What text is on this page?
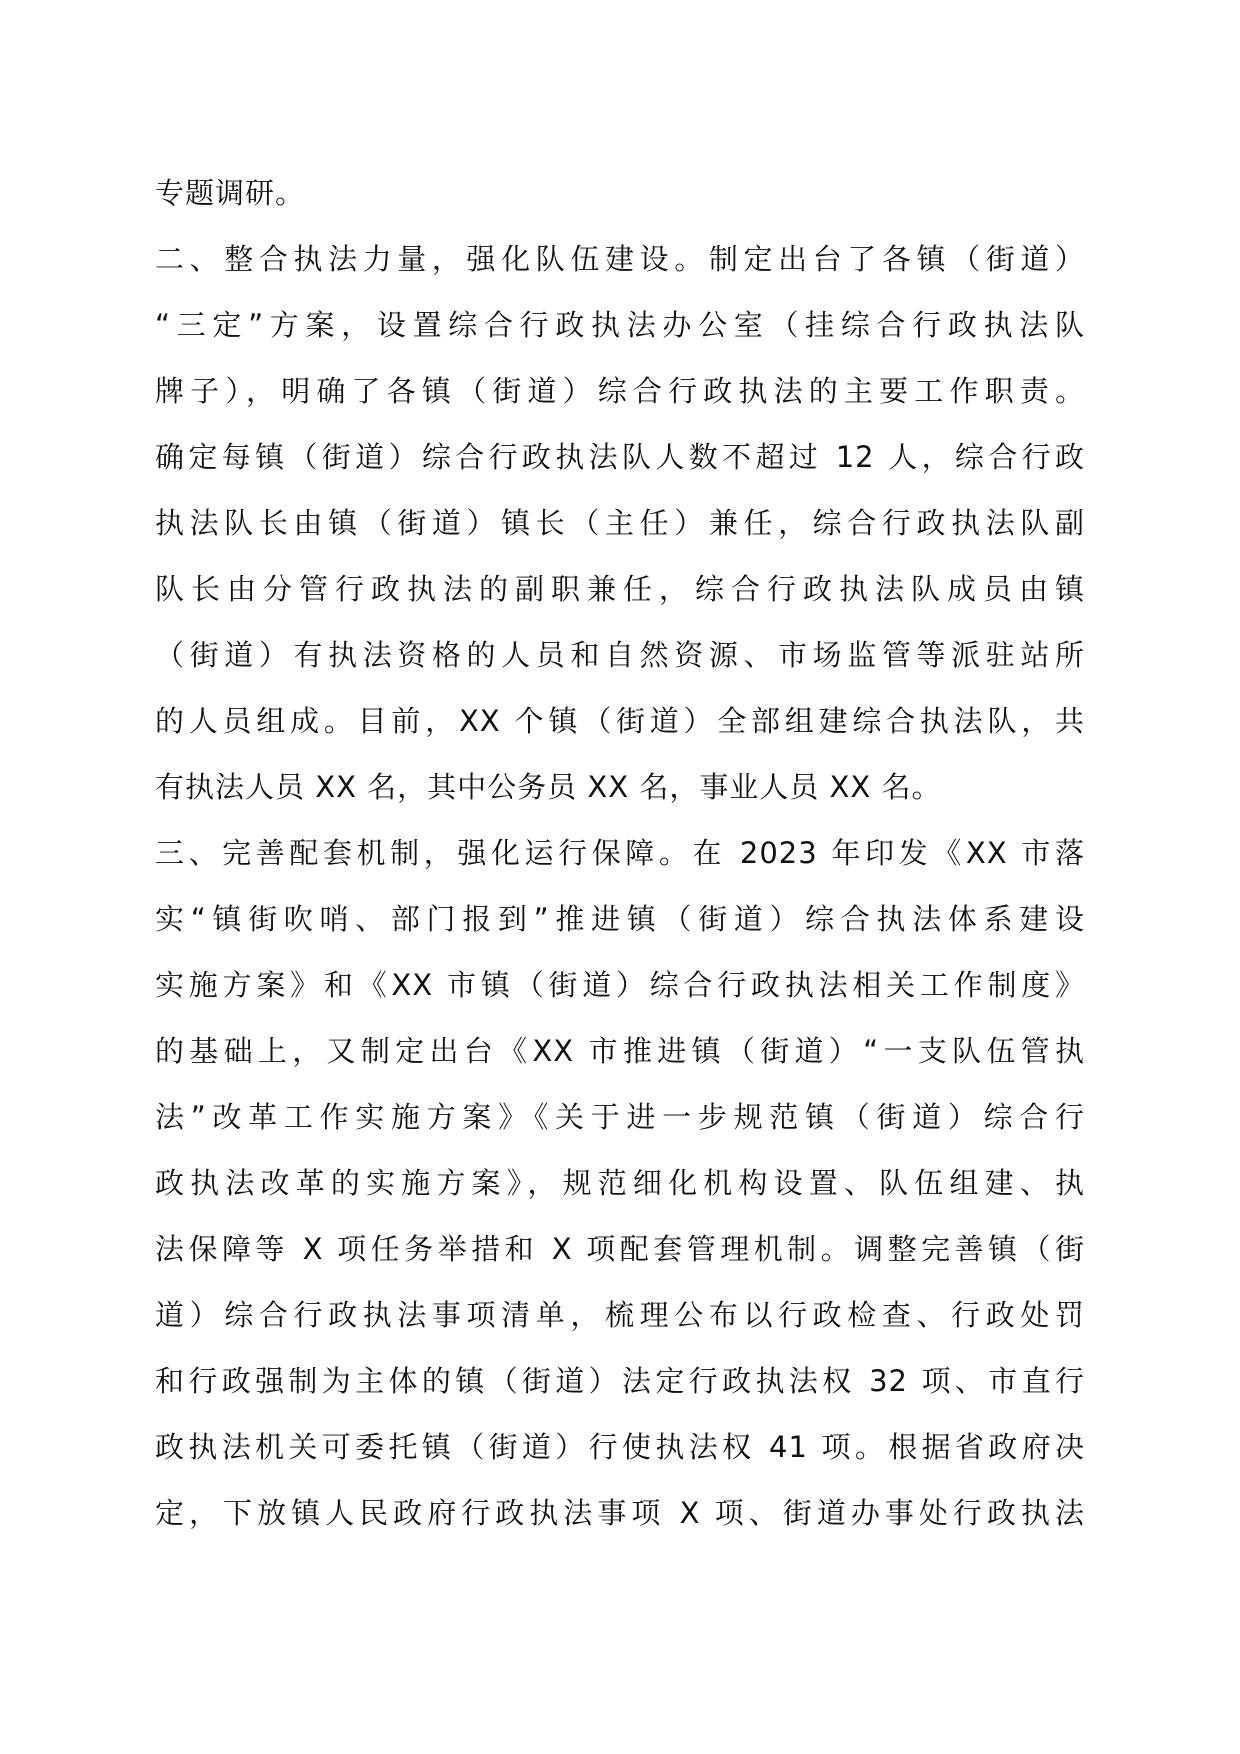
专题调研。
二、整合执法力量，强化队伍建设。制定出台了各镇（街道）
“三定”方案，设置综合行政执法办公室（挂综合行政执法队
牌子），明确了各镇（街道）综合行政执法的主要工作职责。
确定每镇（街道）综合行政执法队人数不超过 12 人，综合行政
执法队长由镇（街道）镇长（主任）兼任，综合行政执法队副
队长由分管行政执法的副职兼任，综合行政执法队成员由镇
（街道）有执法资格的人员和自然资源、市场监管等派驻站所
的人员组成。目前，XX 个镇（街道）全部组建综合执法队，共
有执法人员 XX 名，其中公务员 XX 名，事业人员 XX 名。
三、完善配套机制，强化运行保障。在 2023 年印发《XX 市落
实“镇街吹哨、部门报到”推进镇（街道）综合执法体系建设
实施方案》和《XX 市镇（街道）综合行政执法相关工作制度》
的基础上，又制定出台《XX 市推进镇（街道）“一支队伍管执
法”改革工作实施方案》《关于进一步规范镇（街道）综合行
政执法改革的实施方案》，规范细化机构设置、队伍组建、执
法保障等 X 项任务举措和 X 项配套管理机制。调整完善镇（街
道）综合行政执法事项清单，梳理公布以行政检查、行政处罚
和行政强制为主体的镇（街道）法定行政执法权 32 项、市直行
政执法机关可委托镇（街道）行使执法权 41 项。根据省政府决
定，下放镇人民政府行政执法事项 X 项、街道办事处行政执法
